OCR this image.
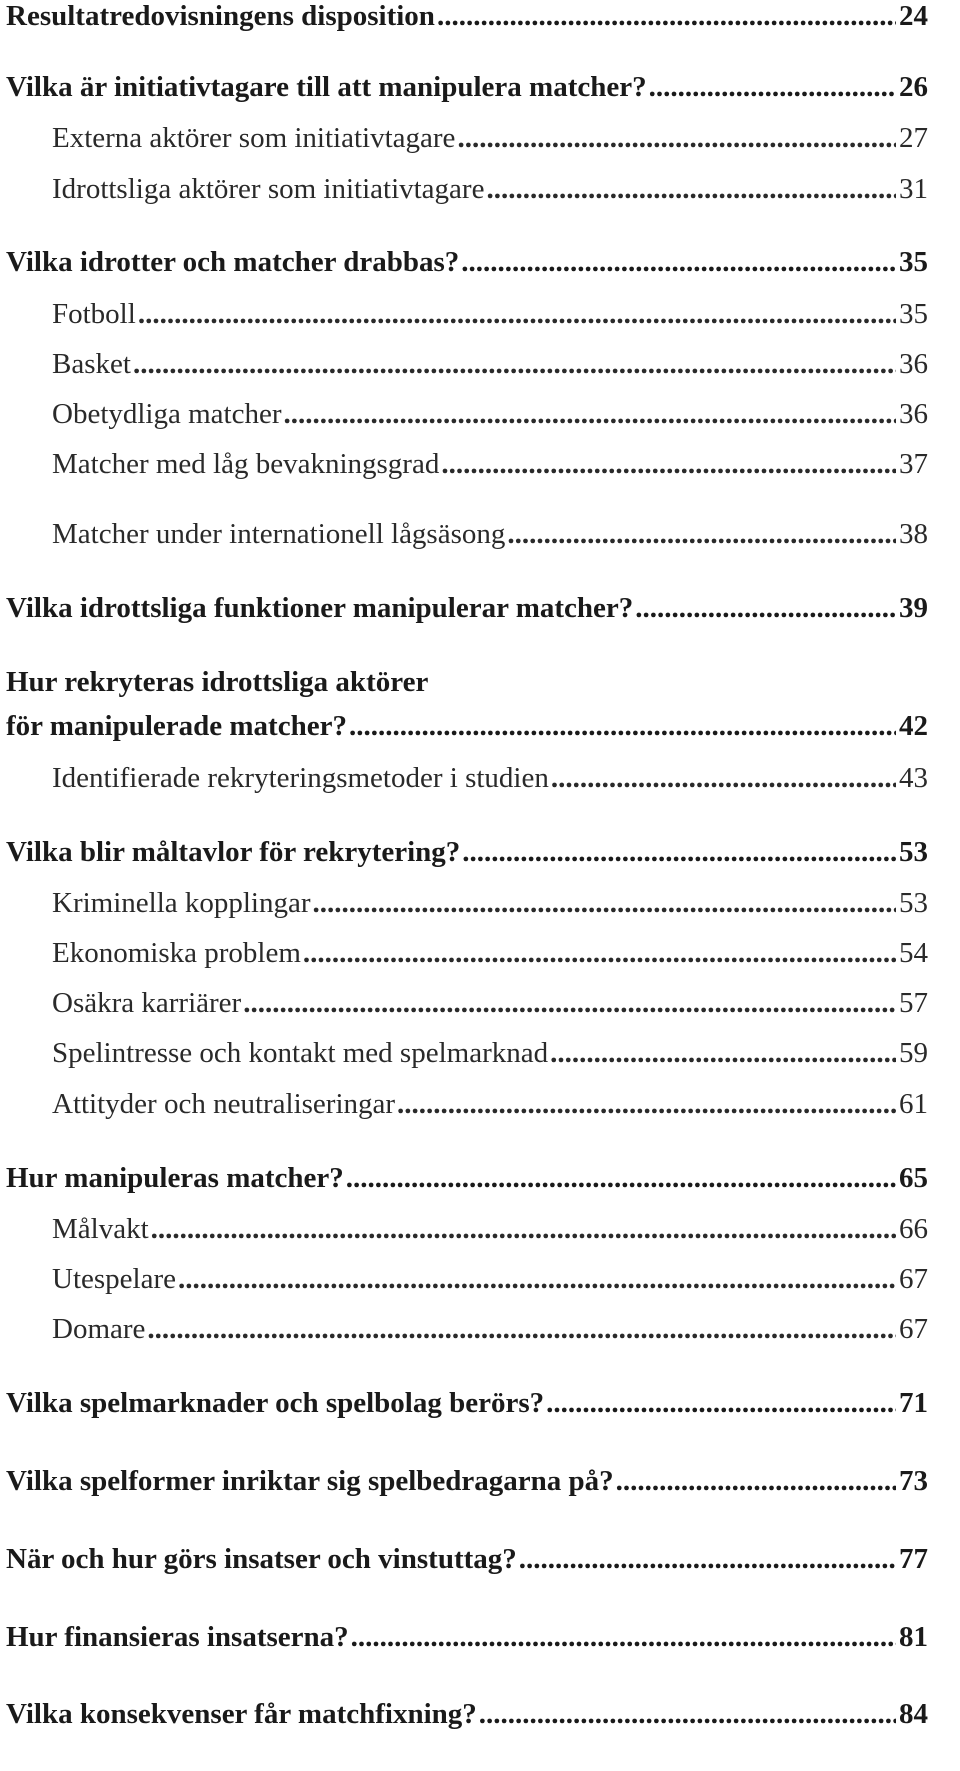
Resultatredovisningens disposition .....	24
Vilka är initiativtagare till att manipulera matcher? .....	26
Externa aktörer som initiativtagare .....	27
Idrottsliga aktörer som initiativtagare .....	31
Vilka idrotter och matcher drabbas? .....	35
Fotboll .....	35
Basket .....	36
Obetydliga matcher .....	36
Matcher med låg bevakningsgrad .....	37
Matcher under internationell lågsäsong .....	38
Vilka idrottsliga funktioner manipulerar matcher? .....	39
Hur rekryteras idrottsliga aktörer
för manipulerade matcher? .....	42
Identifierade rekryteringsmetoder i studien .....	43
Vilka blir måltavlor för rekrytering? .....	53
Kriminella kopplingar .....	53
Ekonomiska problem .....	54
Osäkra karriärer .....	57
Spelintresse och kontakt med spelmarknad .....	59
Attityder och neutraliseringar .....	61
Hur manipuleras matcher? .....	65
Målvakt .....	66
Utespelare .....	67
Domare .....	67
Vilka spelmarknader och spelbolag berörs? .....	71
Vilka spelformer inriktar sig spelbedragarna på? .....	73
När och hur görs insatser och vinstuttag? .....	77
Hur finansieras insatserna? .....	81
Vilka konsekvenser får matchfixning? .....	84
